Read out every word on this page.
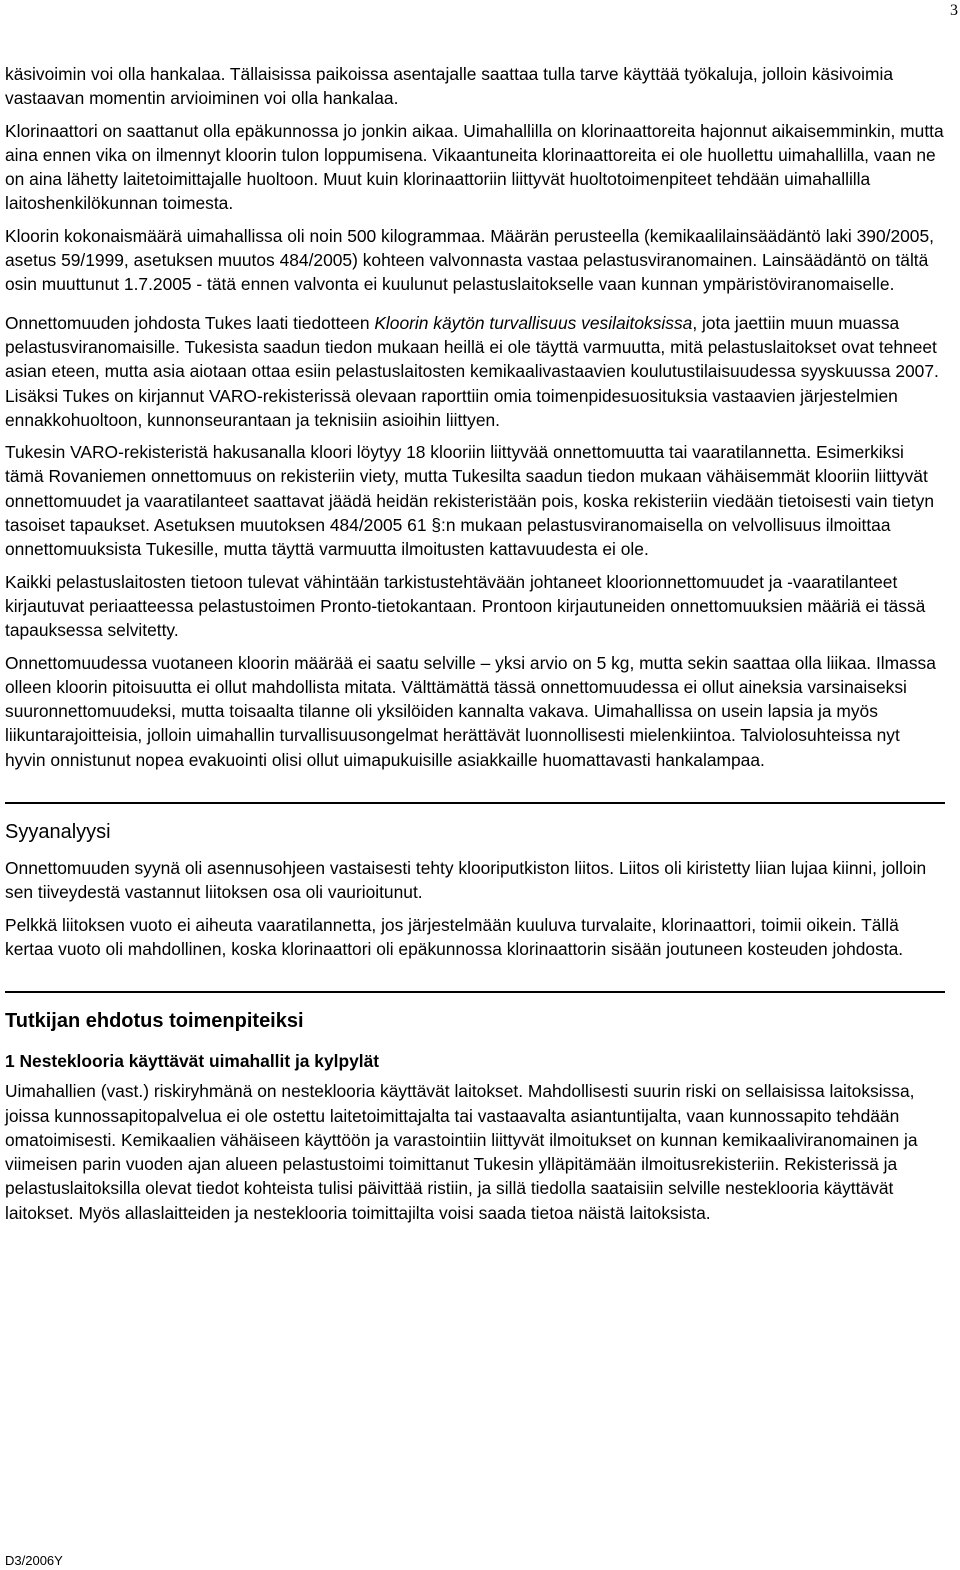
3

käsivoimin voi olla hankalaa. Tällaisissa paikoissa asentajalle saattaa tulla tarve käyttää työkaluja, jolloin käsivoimia vastaavan momentin arvioiminen voi olla hankalaa.

Klorinaattori on saattanut olla epäkunnossa jo jonkin aikaa. Uimahallilla on klorinaattoreita hajonnut aikaisemminkin, mutta aina ennen vika on ilmennyt kloorin tulon loppumisena. Vikaantuneita klorinaattoreita ei ole huollettu uimahallilla, vaan ne on aina lähetty laitetoimittajalle huoltoon. Muut kuin klorinaattoriin liittyvät huoltotoimenpiteet tehdään uimahallilla laitoshenkilökunnan toimesta.

Kloorin kokonaismäärä uimahallissa oli noin 500 kilogrammaa. Määrän perusteella (kemikaalilainsäädäntö laki 390/2005, asetus 59/1999, asetuksen muutos 484/2005) kohteen valvonnasta vastaa pelastusviranomainen. Lainsäädäntö on tältä osin muuttunut 1.7.2005 - tätä ennen valvonta ei kuulunut pelastuslaitokselle vaan kunnan ympäristöviranomaiselle.

Onnettomuuden johdosta Tukes laati tiedotteen Kloorin käytön turvallisuus vesilaitoksissa, jota jaettiin muun muassa pelastusviranomaisille. Tukesista saadun tiedon mukaan heillä ei ole täyttä varmuutta, mitä pelastuslaitokset ovat tehneet asian eteen, mutta asia aiotaan ottaa esiin pelastuslaitosten kemikaalivastaavien koulutustilaisuudessa syyskuussa 2007. Lisäksi Tukes on kirjannut VARO-rekisterissä olevaan raporttiin omia toimenpidesuosituksia vastaavien järjestelmien ennakkohuoltoon, kunnonseurantaan ja teknisiin asioihin liittyen.

Tukesin VARO-rekisteristä hakusanalla kloori löytyy 18 klooriin liittyvää onnettomuutta tai vaaratilannetta. Esimerkiksi tämä Rovaniemen onnettomuus on rekisteriin viety, mutta Tukesilta saadun tiedon mukaan vähäisemmät klooriin liittyvät onnettomuudet ja vaaratilanteet saattavat jäädä heidän rekisteristään pois, koska rekisteriin viedään tietoisesti vain tietyn tasoiset tapaukset. Asetuksen muutoksen 484/2005 61 §:n mukaan pelastusviranomaisella on velvollisuus ilmoittaa onnettomuuksista Tukesille, mutta täyttä varmuutta ilmoitusten kattavuudesta ei ole.

Kaikki pelastuslaitosten tietoon tulevat vähintään tarkistustehtävään johtaneet kloorionnettomuudet ja -vaaratilanteet kirjautuvat periaatteessa pelastustoimen Pronto-tietokantaan. Prontoon kirjautuneiden onnettomuuksien määriä ei tässä tapauksessa selvitetty.

Onnettomuudessa vuotaneen kloorin määrää ei saatu selville – yksi arvio on 5 kg, mutta sekin saattaa olla liikaa. Ilmassa olleen kloorin pitoisuutta ei ollut mahdollista mitata. Välttämättä tässä onnettomuudessa ei ollut aineksia varsinaiseksi suuronnettomuudeksi, mutta toisaalta tilanne oli yksilöiden kannalta vakava. Uimahallissa on usein lapsia ja myös liikuntarajoitteisia, jolloin uimahallin turvallisuusongelmat herättävät luonnollisesti mielenkiintoa. Talviolosuhteissa nyt hyvin onnistunut nopea evakuointi olisi ollut uimapukuisille asiakkaille huomattavasti hankalampaa.

Syyanalyysi

Onnettomuuden syynä oli asennusohjeen vastaisesti tehty klooriputkiston liitos. Liitos oli kiristetty liian lujaa kiinni, jolloin sen tiiveydestä vastannut liitoksen osa oli vaurioitunut.

Pelkkä liitoksen vuoto ei aiheuta vaaratilannetta, jos järjestelmään kuuluva turvalaite, klorinaattori, toimii oikein. Tällä kertaa vuoto oli mahdollinen, koska klorinaattori oli epäkunnossa klorinaattorin sisään joutuneen kosteuden johdosta.

Tutkijan ehdotus toimenpiteiksi
1 Nesteklooria käyttävät uimahallit ja kylpylät

Uimahallien (vast.) riskiryhmänä on nesteklooria käyttävät laitokset. Mahdollisesti suurin riski on sellaisissa laitoksissa, joissa kunnossapitopalvelua ei ole ostettu laitetoimittajalta tai vastaavalta asiantuntijalta, vaan kunnossapito tehdään omatoimisesti. Kemikaalien vähäiseen käyttöön ja varastointiin liittyvät ilmoitukset on kunnan kemikaaliviranomainen ja viimeisen parin vuoden ajan alueen pelastustoimi toimittanut Tukesin ylläpitämään ilmoitusrekisteriin. Rekisterissä ja pelastuslaitoksilla olevat tiedot kohteista tulisi päivittää ristiin, ja sillä tiedolla saataisiin selville nesteklooria käyttävät laitokset. Myös allaslaitteiden ja nesteklooria toimittajilta voisi saada tietoa näistä laitoksista.

D3/2006Y
